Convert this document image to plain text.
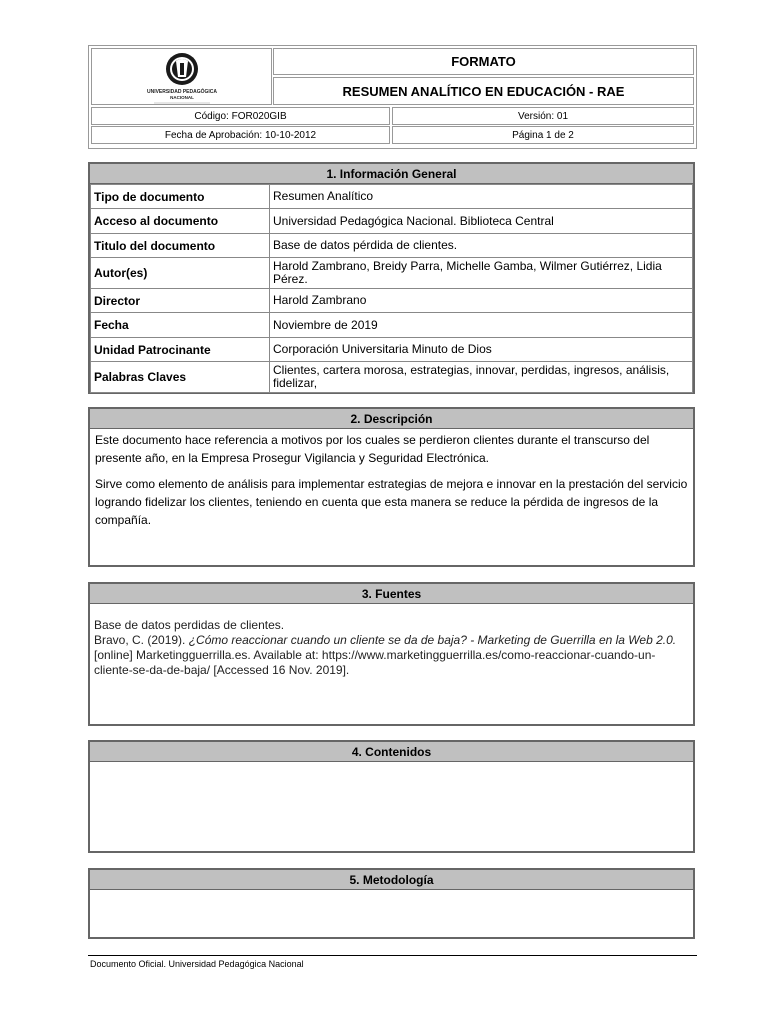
UNIVERSIDAD PEDAGÓGICA
NACIONAL
FORMATO
RESUMEN ANALÍTICO EN EDUCACIÓN - RAE
Código: FOR020GIB	Versión: 01
Fecha de Aprobación: 10-10-2012	Página 1 de 2
1. Información General
Tipo de documento	Resumen Analítico
Acceso al documento	Universidad Pedagógica Nacional. Biblioteca Central
Titulo del documento	Base de datos pérdida de clientes.
Autor(es)	Harold Zambrano, Breidy Parra, Michelle Gamba, Wilmer Gutiérrez, Lidia Pérez.
Director	Harold Zambrano
Fecha	Noviembre de 2019
Unidad Patrocinante	Corporación Universitaria Minuto de Dios
Palabras Claves	Clientes, cartera morosa, estrategias, innovar, perdidas, ingresos, análisis, fidelizar,
2. Descripción

Este documento hace referencia a motivos por los cuales se perdieron clientes durante el transcurso del presente año, en la Empresa Prosegur Vigilancia y Seguridad Electrónica.

Sirve como elemento de análisis para implementar estrategias de mejora e innovar en la prestación del servicio logrando fidelizar los clientes, teniendo en cuenta que esta manera se reduce la pérdida de ingresos de la compañía.

3. Fuentes
Base de datos perdidas de clientes.
Bravo, C. (2019). ¿Cómo reaccionar cuando un cliente se da de baja? - Marketing de Guerrilla en la Web 2.0. [online] Marketingguerrilla.es. Available at: https://www.marketingguerrilla.es/como-reaccionar-cuando-un-cliente-se-da-de-baja/ [Accessed 16 Nov. 2019].
4. Contenidos
5. Metodología
Documento Oficial. Universidad Pedagógica Nacional
